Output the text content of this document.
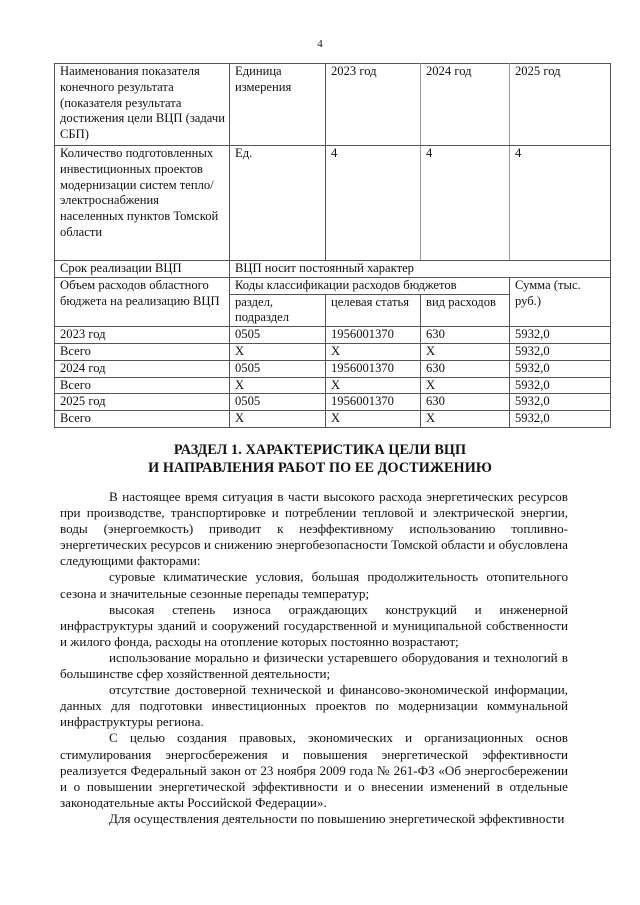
4
Наименования показателя конечного результата (показателя результата достижения цели ВЦП (задачи СБП)	Единица измерения	2023 год	2024 год	2025 год
Количество подготовленных инвестиционных проектов модернизации систем тепло/электроснабжения населенных пунктов Томской области	Ед.	4	4	4
Срок реализации ВЦП	ВЦП носит постоянный характер			
Объем расходов областного бюджета на реализацию ВЦП	Коды классификации расходов бюджетов			Сумма (тыс. руб.)
	раздел, подраздел	целевая статья	вид расходов	
2023 год	0505	1956001370	630	5932,0
Всего	X	X	X	5932,0
2024 год	0505	1956001370	630	5932,0
Всего	X	X	X	5932,0
2025 год	0505	1956001370	630	5932,0
Всего	X	X	X	5932,0
РАЗДЕЛ 1. ХАРАКТЕРИСТИКА ЦЕЛИ ВЦП
И НАПРАВЛЕНИЯ РАБОТ ПО ЕЕ ДОСТИЖЕНИЮ

В настоящее время ситуация в части высокого расхода энергетических ресурсов при производстве, транспортировке и потреблении тепловой и электрической энергии, воды (энергоемкость) приводит к неэффективному использованию топливно-энергетических ресурсов и снижению энергобезопасности Томской области и обусловлена следующими факторами:

суровые климатические условия, большая продолжительность отопительного сезона и значительные сезонные перепады температур;

высокая степень износа ограждающих конструкций и инженерной инфраструктуры зданий и сооружений государственной и муниципальной собственности и жилого фонда, расходы на отопление которых постоянно возрастают;

использование морально и физически устаревшего оборудования и технологий в большинстве сфер хозяйственной деятельности;

отсутствие достоверной технической и финансово-экономической информации, данных для подготовки инвестиционных проектов по модернизации коммунальной инфраструктуры региона.

С целью создания правовых, экономических и организационных основ стимулирования энергосбережения и повышения энергетической эффективности реализуется Федеральный закон от 23 ноября 2009 года № 261-ФЗ «Об энергосбережении и о повышении энергетической эффективности и о внесении изменений в отдельные законодательные акты Российской Федерации».

Для осуществления деятельности по повышению энергетической эффективности
